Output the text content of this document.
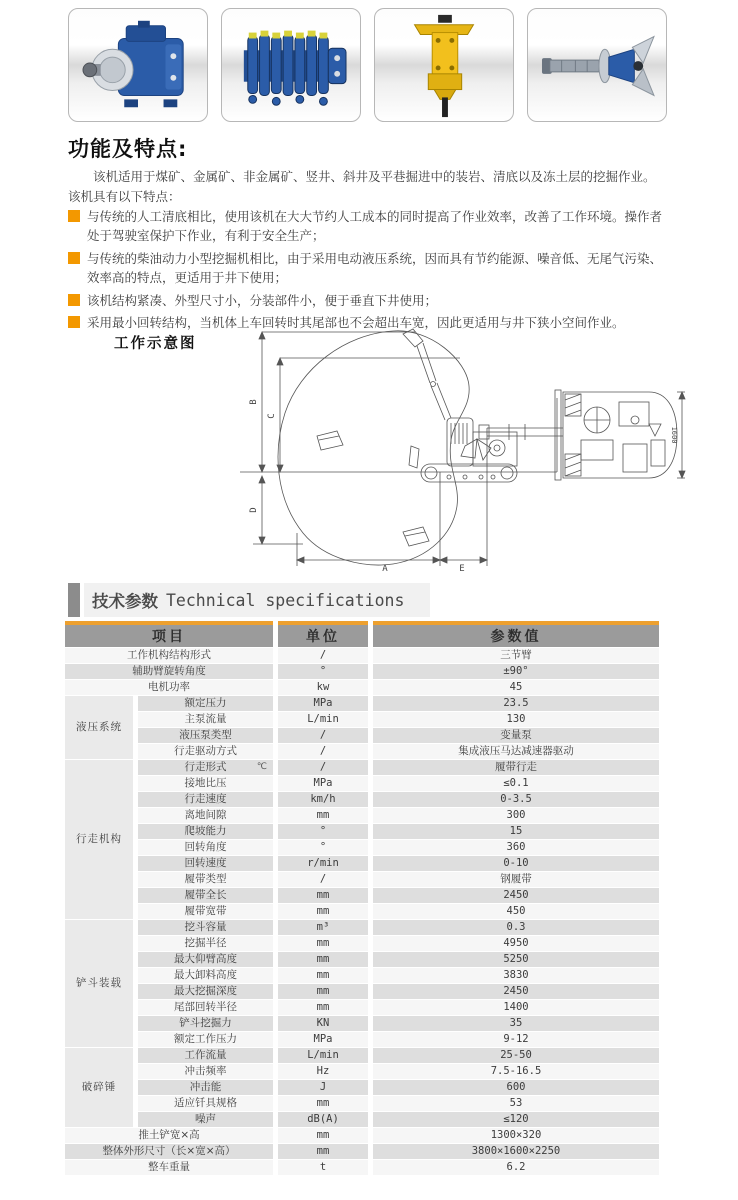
功能及特点:

该机适用于煤矿、金属矿、非金属矿、竖井、斜井及平巷掘进中的装岩、清底以及冻土层的挖掘作业。该机具有以下特点：

与传统的人工清底相比，使用该机在大大节约人工成本的同时提高了作业效率，改善了工作环境。操作者处于驾驶室保护下作业，有利于安全生产；
与传统的柴油动力小型挖掘机相比，由于采用电动液压系统，因而具有节约能源、噪音低、无尾气污染、效率高的特点，更适用于井下使用；
该机结构紧凑、外型尺寸小，分装部件小，便于垂直下井使用；
采用最小回转结构，当机体上车回转时其尾部也不会超出车宽，因此更适用与井下狭小空间作业。
工作示意图
B
C
D
A	E
1600
技术参数 Technical specifications
项目		单位	参数值
工作机构结构形式		/	三节臂
辅助臂旋转角度		°	±90°
电机功率		kw	45
液压系统	额定压力	MPa	23.5
	主泵流量	L/min	130
	液压泵类型	/	变量泵
	行走驱动方式	/	集成液压马达减速器驱动
行走机构	行走形式 ℃	/	履带行走
	接地比压	MPa	≤0.1
	行走速度	km/h	0-3.5
	离地间隙	mm	300
	爬坡能力	°	15
	回转角度	°	360
	回转速度	r/min	0-10
	履带类型	/	钢履带
	履带全长	mm	2450
	履带宽带	mm	450
铲斗装载	挖斗容量	m³	0.3
	挖掘半径	mm	4950
	最大仰臂高度	mm	5250
	最大卸料高度	mm	3830
	最大挖掘深度	mm	2450
	尾部回转半径	mm	1400
	铲斗挖掘力	KN	35
	额定工作压力	MPa	9-12
破碎锤	工作流量	L/min	25-50
	冲击频率	Hz	7.5-16.5
	冲击能	J	600
	适应钎具规格	mm	53
	噪声	dB(A)	≤120
推土铲宽×高		mm	1300×320
整体外形尺寸（长×宽×高）		mm	3800×1600×2250
整车重量		t	6.2
